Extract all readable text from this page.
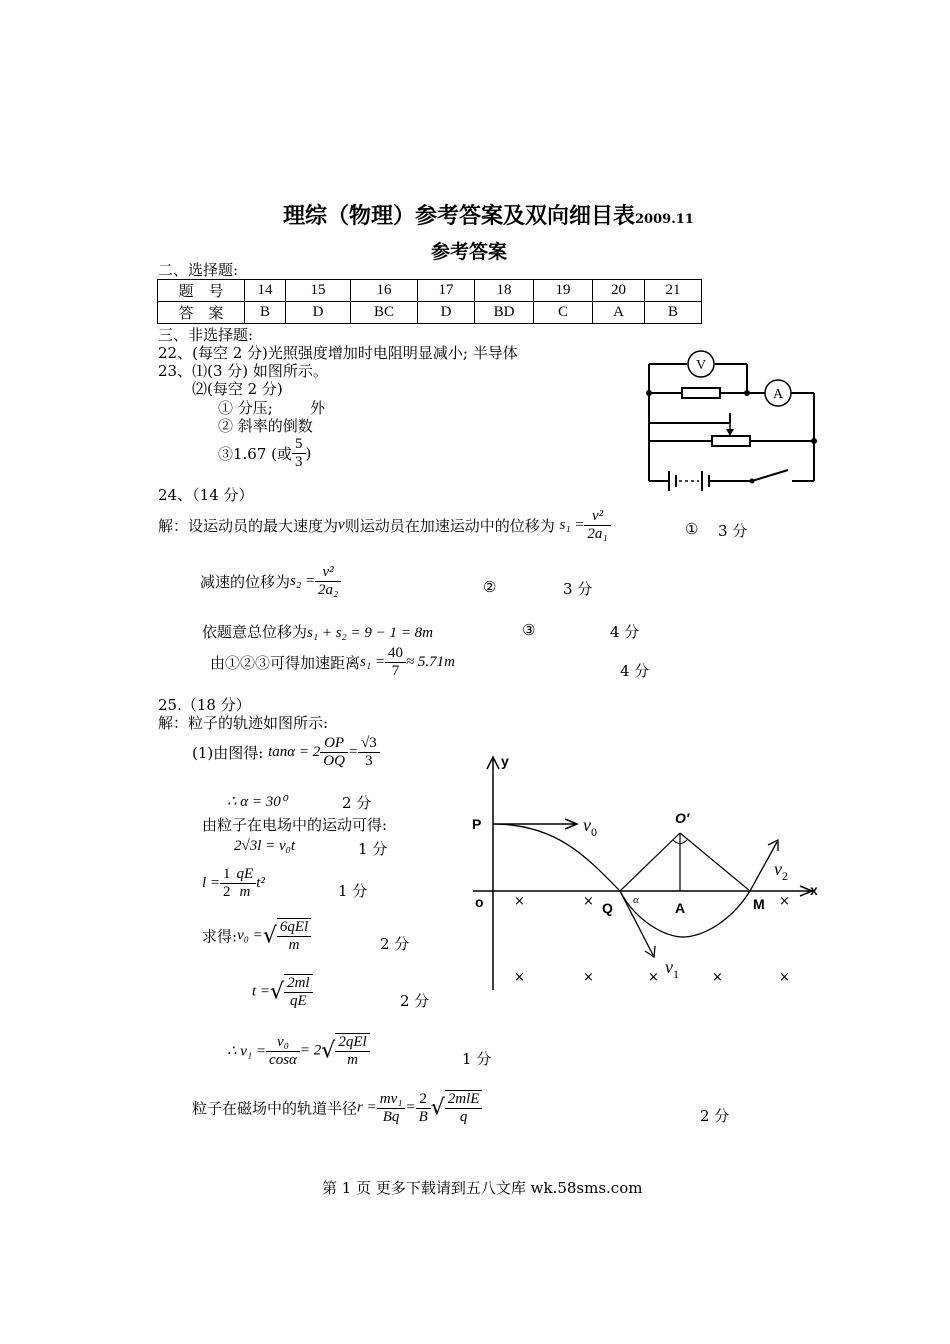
理综（物理）参考答案及双向细目表2009.11
参考答案
二、选择题:
题　号	14	15	16	17	18	19	20	21
答　案	B	D	BC	D	BD	C	A	B
三、非选择题:
22、(每空 2 分)光照强度增加时电阻明显减小; 半导体
23、⑴(3 分) 如图所示。
⑵(每空 2 分)
① 分压; 外
② 斜率的倒数
③1.67 (或 $\frac{5}{3}$ )
V
A
24、（14 分）
解：设运动员的最大速度为v则运动员在加速运动中的位移为 $s_1 = \frac{\text{v²}}{\text{2a₁}}$	① 3 分
减速的位移为$s_2 = \frac{\text{v²}}{\text{2a₂}}$	②	3 分
依题意总位移为s₁ + s₂ = 9 − 1 = 8m	③	4 分
由①②③可得加速距离$s_1 = \frac{40}{7} \approx 5.71m$	4 分
25.（18 分）
解：粒子的轨迹如图所示:
(1)由图得: $\tan\alpha = 2 \frac{OP}{OQ} = \frac{√3}{3}$
∴ α = 30⁰	2 分
由粒子在电场中的运动可得:
2√3l = v₀t	1 分
$l = \frac{1}{2} \frac{qE}{m} t^2$	1 分
求得:v₀ =√ $\frac{\text{6qEl}}{m}$	2 分
t =√ $\frac{2ml}{qE}$	2 分
∴ $v_1 = \frac{\text{v₀}}{\cos\alpha} = 2√ \frac{\text{2qEl}}{m}$	1 分
粒子在磁场中的轨道半径$r = \frac{\text{mv₁}}{Bq} = \frac{2}{B}$ √ $\frac{\text{2mlE}}{q}$	2 分
y
x
P
o	Q	A	M
O′
α
$v_0$
$v_1$
$v_2$
×	×	×
×	×	×	×	×
第 1 页 更多下载请到五八文库 wk.58sms.com
